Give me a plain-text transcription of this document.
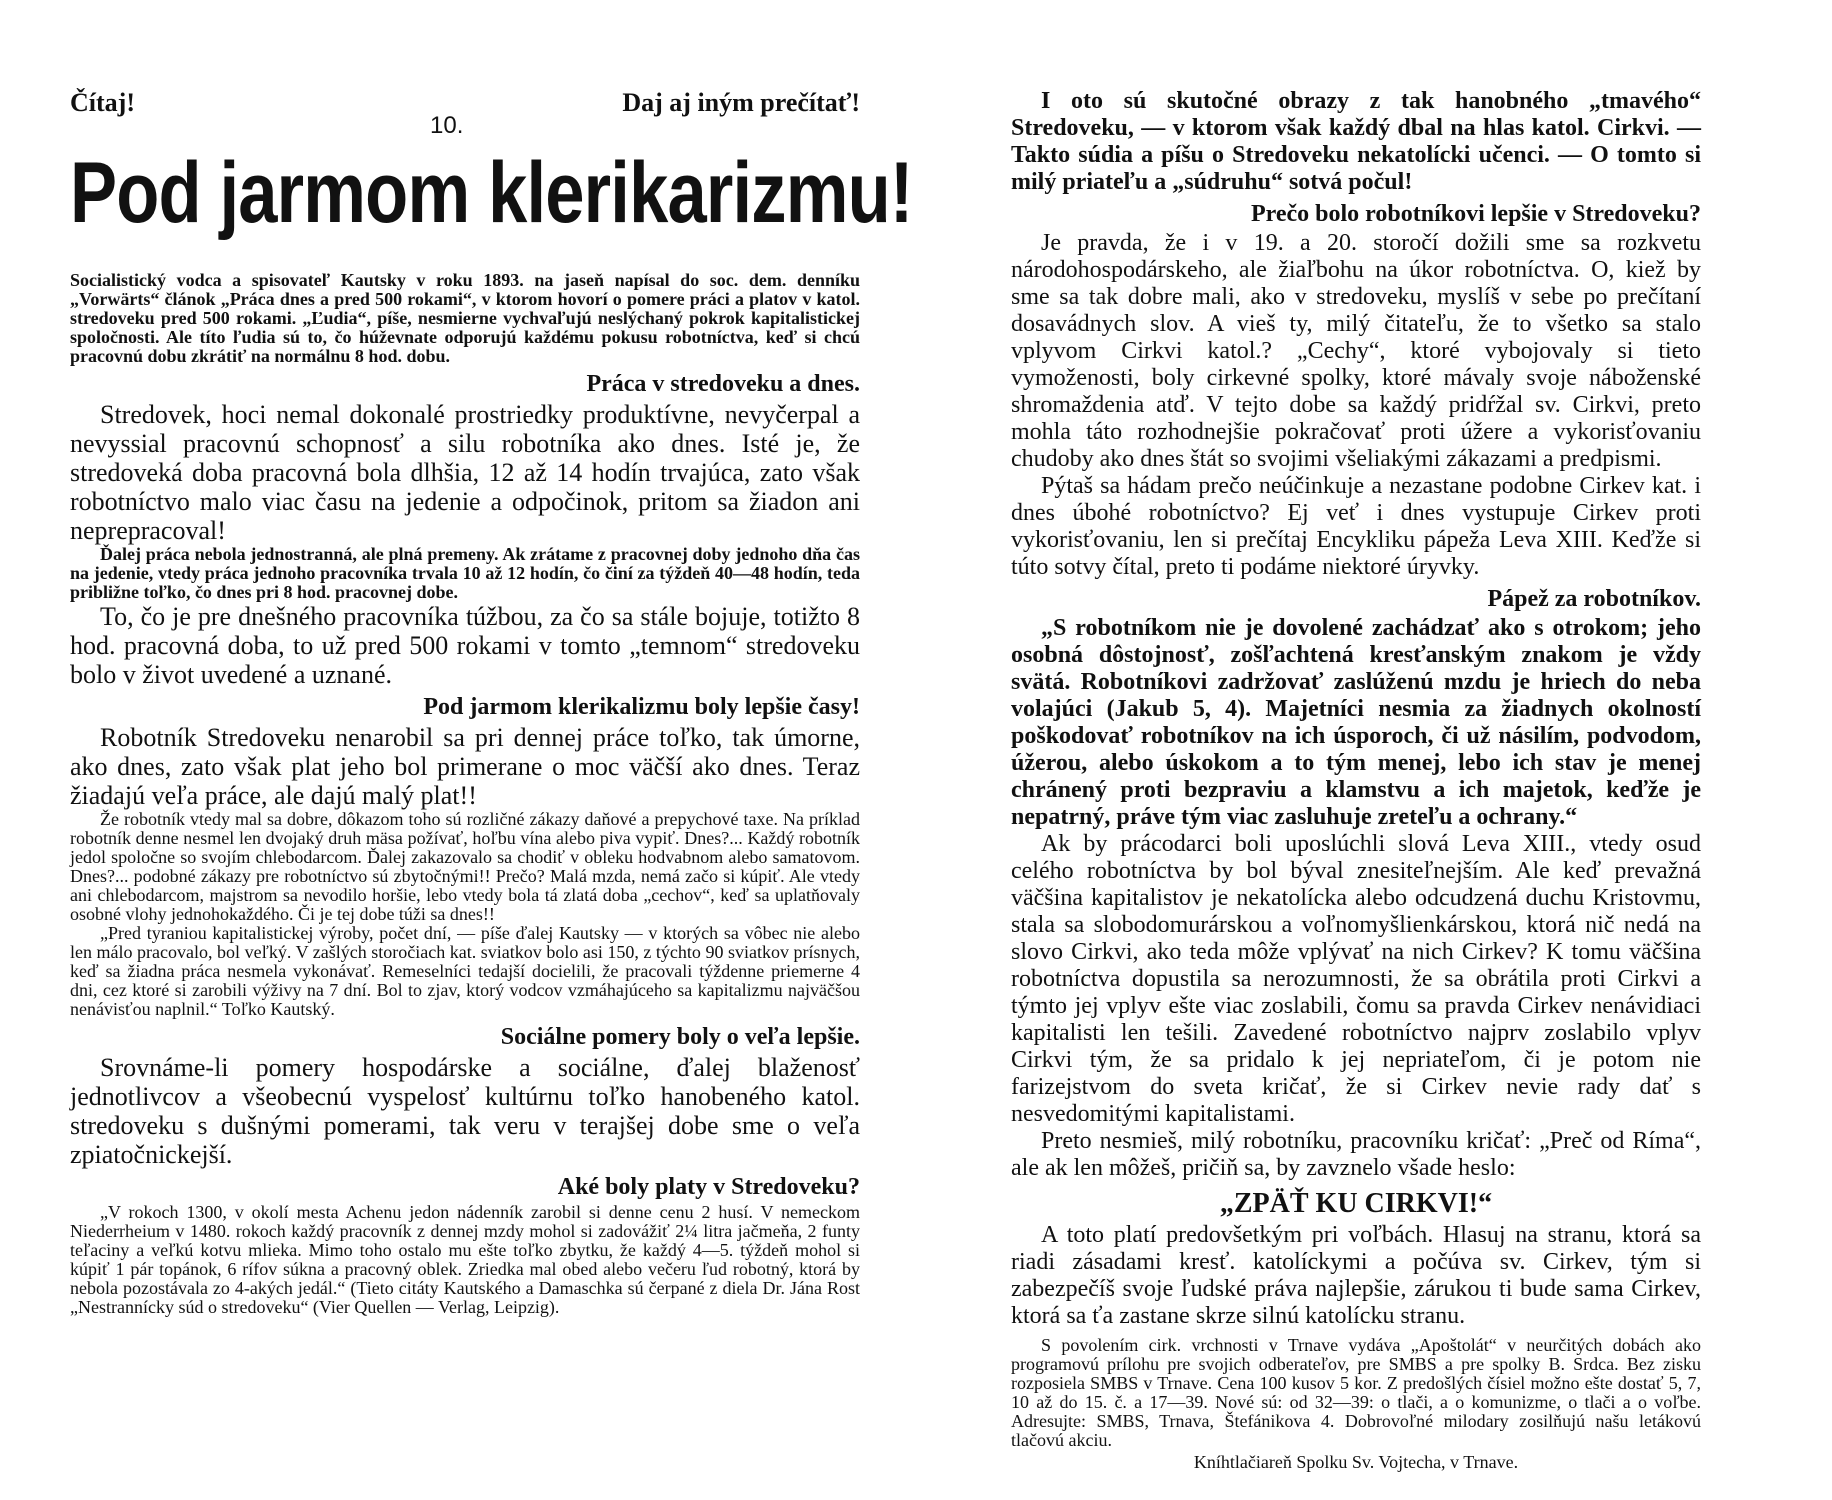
Čítaj!
10.
Daj aj iným prečítať!
Pod jarmom klerikarizmu!

Socialistický vodca a spisovateľ Kautsky v roku 1893. na jaseň napísal do soc. dem. denníku „Vorwärts“ článok „Práca dnes a pred 500 rokami“, v ktorom hovorí o pomere práci a platov v katol. stredoveku pred 500 rokami. „Ľudia“, píše, nesmierne vychvaľujú neslýchaný pokrok kapitalistickej spoločnosti. Ale títo ľudia sú to, čo húževnate odporujú každému pokusu robotníctva, keď si chcú pracovnú dobu zkrátiť na normálnu 8 hod. dobu.

Práca v stredoveku a dnes.

Stredovek, hoci nemal dokonalé prostriedky produktívne, nevyčerpal a nevyssial pracovnú schopnosť a silu robotníka ako dnes. Isté je, že stredoveká doba pracovná bola dlhšia, 12 až 14 hodín trvajúca, zato však robotníctvo malo viac času na jedenie a odpočinok, pritom sa žiadon ani neprepracoval!

Ďalej práca nebola jednostranná, ale plná premeny. Ak zrátame z pracovnej doby jednoho dňa čas na jedenie, vtedy práca jednoho pracovníka trvala 10 až 12 hodín, čo činí za týždeň 40—48 hodín, teda približne toľko, čo dnes pri 8 hod. pracovnej dobe.

To, čo je pre dnešného pracovníka túžbou, za čo sa stále bojuje, totižto 8 hod. pracovná doba, to už pred 500 rokami v tomto „temnom“ stredoveku bolo v život uvedené a uznané.

Pod jarmom klerikalizmu boly lepšie časy!

Robotník Stredoveku nenarobil sa pri dennej práce toľko, tak úmorne, ako dnes, zato však plat jeho bol primerane o moc väčší ako dnes. Teraz žiadajú veľa práce, ale dajú malý plat!!

Že robotník vtedy mal sa dobre, dôkazom toho sú rozličné zákazy daňové a prepychové taxe. Na príklad robotník denne nesmel len dvojaký druh mäsa požívať, hoľbu vína alebo piva vypiť. Dnes?... Každý robotník jedol spoločne so svojím chlebodarcom. Ďalej zakazovalo sa chodiť v obleku hodvabnom alebo samatovom. Dnes?... podobné zákazy pre robotníctvo sú zbytočnými!! Prečo? Malá mzda, nemá začo si kúpiť. Ale vtedy ani chlebodarcom, majstrom sa nevodilo horšie, lebo vtedy bola tá zlatá doba „cechov“, keď sa uplatňovaly osobné vlohy jednohokaždého. Či je tej dobe túži sa dnes!!

„Pred tyraniou kapitalistickej výroby, počet dní, — píše ďalej Kautsky — v ktorých sa vôbec nie alebo len málo pracovalo, bol veľký. V zašlých storočiach kat. sviatkov bolo asi 150, z týchto 90 sviatkov prísnych, keď sa žiadna práca nesmela vykonávať. Remeselníci tedajší docielili, že pracovali týždenne priemerne 4 dni, cez ktoré si zarobili výživy na 7 dní. Bol to zjav, ktorý vodcov vzmáhajúceho sa kapitalizmu najväčšou nenávisťou naplnil.“ Toľko Kautský.

Sociálne pomery boly o veľa lepšie.

Srovnáme-li pomery hospodárske a sociálne, ďalej blaženosť jednotlivcov a všeobecnú vyspelosť kultúrnu toľko hanobeného katol. stredoveku s dušnými pomerami, tak veru v terajšej dobe sme o veľa zpiatočnickejší.

Aké boly platy v Stredoveku?

„V rokoch 1300, v okolí mesta Achenu jedon nádenník zarobil si denne cenu 2 husí. V nemeckom Niederrheium v 1480. rokoch každý pracovník z dennej mzdy mohol si zadovážiť 2¼ litra jačmeňa, 2 funty teľaciny a veľkú kotvu mlieka. Mimo toho ostalo mu ešte toľko zbytku, že každý 4—5. týždeň mohol si kúpiť 1 pár topánok, 6 rífov súkna a pracovný oblek. Zriedka mal obed alebo večeru ľud robotný, ktorá by nebola pozostávala zo 4-akých jedál.“ (Tieto citáty Kautského a Damaschka sú čerpané z diela Dr. Jána Rost „Nestrannícky súd o stredoveku“ (Vier Quellen — Verlag, Leipzig).

I oto sú skutočné obrazy z tak hanobného „tmavého“ Stredoveku, — v ktorom však každý dbal na hlas katol. Cirkvi. — Takto súdia a píšu o Stredoveku nekatolícki učenci. — O tomto si milý priateľu a „súdruhu“ sotvá počul!

Prečo bolo robotníkovi lepšie v Stredoveku?

Je pravda, že i v 19. a 20. storočí dožili sme sa rozkvetu národohospodárskeho, ale žiaľbohu na úkor robotníctva. O, kiež by sme sa tak dobre mali, ako v stredoveku, myslíš v sebe po prečítaní dosavádnych slov. A vieš ty, milý čitateľu, že to všetko sa stalo vplyvom Cirkvi katol.? „Cechy“, ktoré vybojovaly si tieto vymoženosti, boly cirkevné spolky, ktoré mávaly svoje náboženské shromaždenia atď. V tejto dobe sa každý pridŕžal sv. Cirkvi, preto mohla táto rozhodnejšie pokračovať proti úžere a vykorisťovaniu chudoby ako dnes štát so svojimi všeliakými zákazami a predpismi.

Pýtaš sa hádam prečo neúčinkuje a nezastane podobne Cirkev kat. i dnes úbohé robotníctvo? Ej veť i dnes vystupuje Cirkev proti vykorisťovaniu, len si prečítaj Encykliku pápeža Leva XIII. Keďže si túto sotvy čítal, preto ti podáme niektoré úryvky.

Pápež za robotníkov.

„S robotníkom nie je dovolené zachádzať ako s otrokom; jeho osobná dôstojnosť, zošľachtená kresťanským znakom je vždy svätá. Robotníkovi zadržovať zaslúženú mzdu je hriech do neba volajúci (Jakub 5, 4). Majetníci nesmia za žiadnych okolností poškodovať robotníkov na ich úsporoch, či už násilím, podvodom, úžerou, alebo úskokom a to tým menej, lebo ich stav je menej chránený proti bezpraviu a klamstvu a ich majetok, keďže je nepatrný, práve tým viac zasluhuje zreteľu a ochrany.“

Ak by prácodarci boli uposlúchli slová Leva XIII., vtedy osud celého robotníctva by bol býval znesiteľnejším. Ale keď prevažná väčšina kapitalistov je nekatolícka alebo odcudzená duchu Kristovmu, stala sa slobodomurárskou a voľnomyšlienkárskou, ktorá nič nedá na slovo Cirkvi, ako teda môže vplývať na nich Cirkev? K tomu väčšina robotníctva dopustila sa nerozumnosti, že sa obrátila proti Cirkvi a týmto jej vplyv ešte viac zoslabili, čomu sa pravda Cirkev nenávidiaci kapitalisti len tešili. Zavedené robotníctvo najprv zoslabilo vplyv Cirkvi tým, že sa pridalo k jej nepriateľom, či je potom nie farizejstvom do sveta kričať, že si Cirkev nevie rady dať s nesvedomitými kapitalistami.

Preto nesmieš, milý robotníku, pracovníku kričať: „Preč od Ríma“, ale ak len môžeš, pričiň sa, by zavznelo všade heslo:

„ZPÄŤ KU CIRKVI!“

A toto platí predovšetkým pri voľbách. Hlasuj na stranu, ktorá sa riadi zásadami kresť. katolíckymi a počúva sv. Cirkev, tým si zabezpečíš svoje ľudské práva najlepšie, zárukou ti bude sama Cirkev, ktorá sa ťa zastane skrze silnú katolícku stranu.

S povolením cirk. vrchnosti v Trnave vydáva „Apoštolát“ v neurčitých dobách ako programovú prílohu pre svojich odberateľov, pre SMBS a pre spolky B. Srdca. Bez zisku rozposiela SMBS v Trnave. Cena 100 kusov 5 kor. Z predošlých čísiel možno ešte dostať 5, 7, 10 až do 15. č. a 17—39. Nové sú: od 32—39: o tlači, a o komunizme, o tlači a o voľbe. Adresujte: SMBS, Trnava, Štefánikova 4. Dobrovoľné milodary zosilňujú našu letákovú tlačovú akciu.

Kníhtlačiareň Spolku Sv. Vojtecha, v Trnave.
